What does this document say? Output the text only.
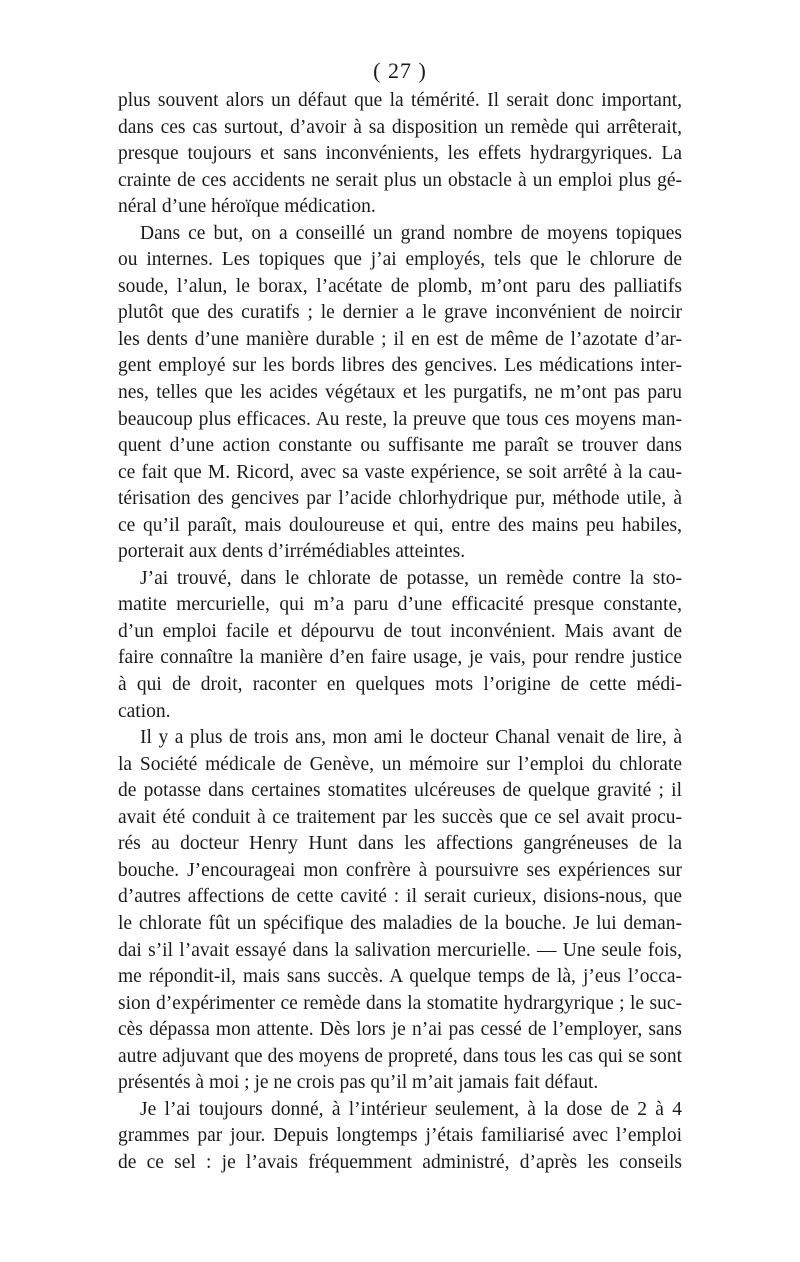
( 27 )
plus souvent alors un défaut que la témérité. Il serait donc important,
dans ces cas surtout, d’avoir à sa disposition un remède qui arrêterait,
presque toujours et sans inconvénients, les effets hydrargyriques. La
crainte de ces accidents ne serait plus un obstacle à un emploi plus gé-
néral d’une héroïque médication.
Dans ce but, on a conseillé un grand nombre de moyens topiques
ou internes. Les topiques que j’ai employés, tels que le chlorure de
soude, l’alun, le borax, l’acétate de plomb, m’ont paru des palliatifs
plutôt que des curatifs ; le dernier a le grave inconvénient de noircir
les dents d’une manière durable ; il en est de même de l’azotate d’ar-
gent employé sur les bords libres des gencives. Les médications inter-
nes, telles que les acides végétaux et les purgatifs, ne m’ont pas paru
beaucoup plus efficaces. Au reste, la preuve que tous ces moyens man-
quent d’une action constante ou suffisante me paraît se trouver dans
ce fait que M. Ricord, avec sa vaste expérience, se soit arrêté à la cau-
térisation des gencives par l’acide chlorhydrique pur, méthode utile, à
ce qu’il paraît, mais douloureuse et qui, entre des mains peu habiles,
porterait aux dents d’irrémédiables atteintes.
J’ai trouvé, dans le chlorate de potasse, un remède contre la sto-
matite mercurielle, qui m’a paru d’une efficacité presque constante,
d’un emploi facile et dépourvu de tout inconvénient. Mais avant de
faire connaître la manière d’en faire usage, je vais, pour rendre justice
à qui de droit, raconter en quelques mots l’origine de cette médi-
cation.
Il y a plus de trois ans, mon ami le docteur Chanal venait de lire, à
la Société médicale de Genève, un mémoire sur l’emploi du chlorate
de potasse dans certaines stomatites ulcéreuses de quelque gravité ; il
avait été conduit à ce traitement par les succès que ce sel avait procu-
rés au docteur Henry Hunt dans les affections gangréneuses de la
bouche. J’encourageai mon confrère à poursuivre ses expériences sur
d’autres affections de cette cavité : il serait curieux, disions-nous, que
le chlorate fût un spécifique des maladies de la bouche. Je lui deman-
dai s’il l’avait essayé dans la salivation mercurielle. — Une seule fois,
me répondit-il, mais sans succès. A quelque temps de là, j’eus l’occa-
sion d’expérimenter ce remède dans la stomatite hydrargyrique ; le suc-
cès dépassa mon attente. Dès lors je n’ai pas cessé de l’employer, sans
autre adjuvant que des moyens de propreté, dans tous les cas qui se sont
présentés à moi ; je ne crois pas qu’il m’ait jamais fait défaut.
Je l’ai toujours donné, à l’intérieur seulement, à la dose de 2 à 4
grammes par jour. Depuis longtemps j’étais familiarisé avec l’emploi
de ce sel : je l’avais fréquemment administré, d’après les conseils
